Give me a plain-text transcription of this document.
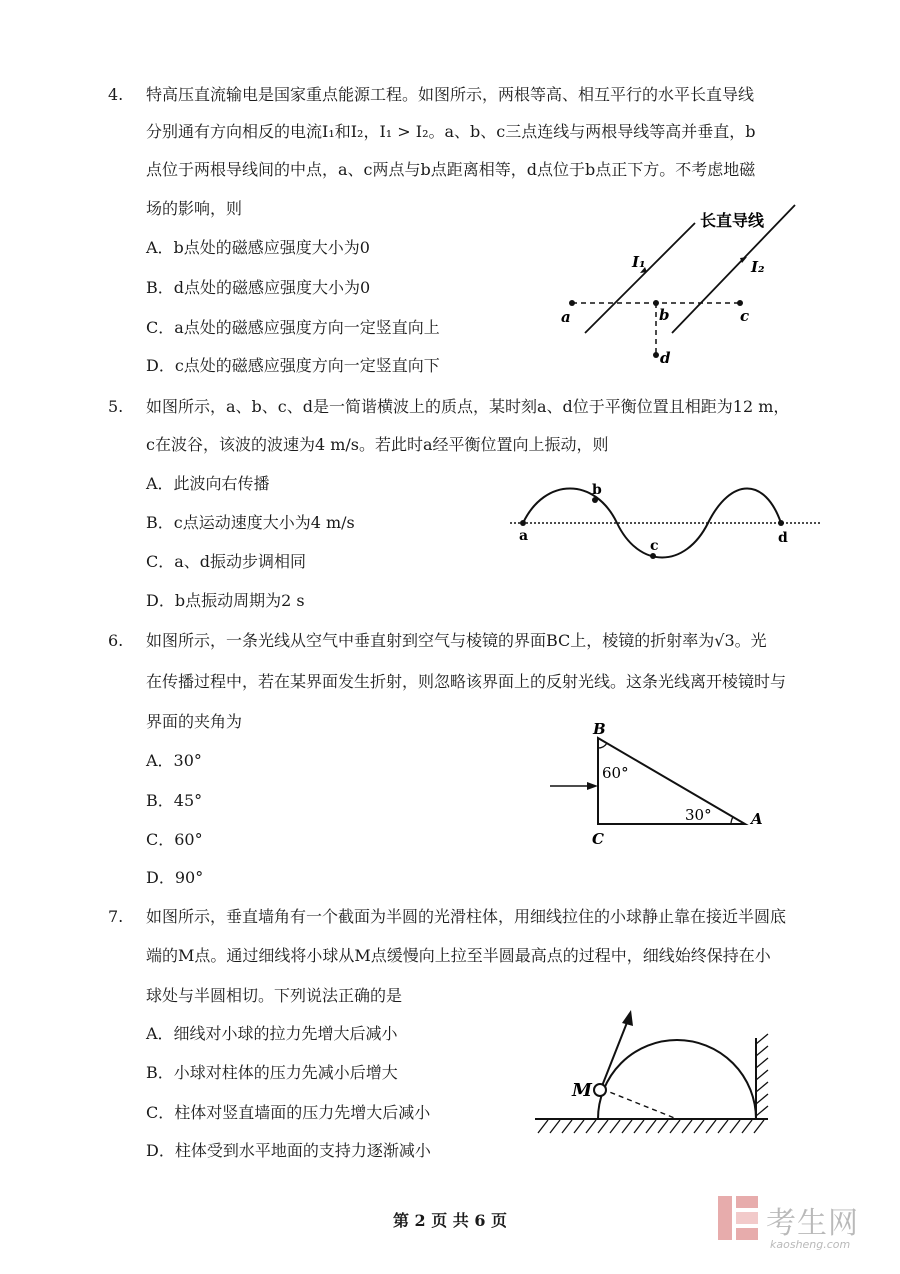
4. 特高压直流输电是国家重点能源工程。如图所示，两根等高、相互平行的水平长直导线
分别通有方向相反的电流I₁和I₂，I₁ > I₂。a、b、c三点连线与两根导线等高并垂直，b
点位于两根导线间的中点，a、c两点与b点距离相等，d点位于b点正下方。不考虑地磁
场的影响，则
A．b点处的磁感应强度大小为0
B．d点处的磁感应强度大小为0
C．a点处的磁感应强度方向一定竖直向上
D．c点处的磁感应强度方向一定竖直向下
长直导线
I₁	I₂
a	b	c
d
5. 如图所示，a、b、c、d是一简谐横波上的质点，某时刻a、d位于平衡位置且相距为12 m，
c在波谷，该波的波速为4 m/s。若此时a经平衡位置向上振动，则
A．此波向右传播
B．c点运动速度大小为4 m/s
C．a、d振动步调相同
D．b点振动周期为2 s
a
b
c	d
6. 如图所示，一条光线从空气中垂直射到空气与棱镜的界面BC上，棱镜的折射率为√3。光
在传播过程中，若在某界面发生折射，则忽略该界面上的反射光线。这条光线离开棱镜时与
界面的夹角为
A．30°
B．45°
C．60°
D．90°
B
C
A
60°
30°
7. 如图所示，垂直墙角有一个截面为半圆的光滑柱体，用细线拉住的小球静止靠在接近半圆底
端的M点。通过细线将小球从M点缓慢向上拉至半圆最高点的过程中，细线始终保持在小
球处与半圆相切。下列说法正确的是
A．细线对小球的拉力先增大后减小
B．小球对柱体的压力先减小后增大
C．柱体对竖直墙面的压力先增大后减小
D．柱体受到水平地面的支持力逐渐减小
M
第 2 页 共 6 页	考生网
kaosheng.com
